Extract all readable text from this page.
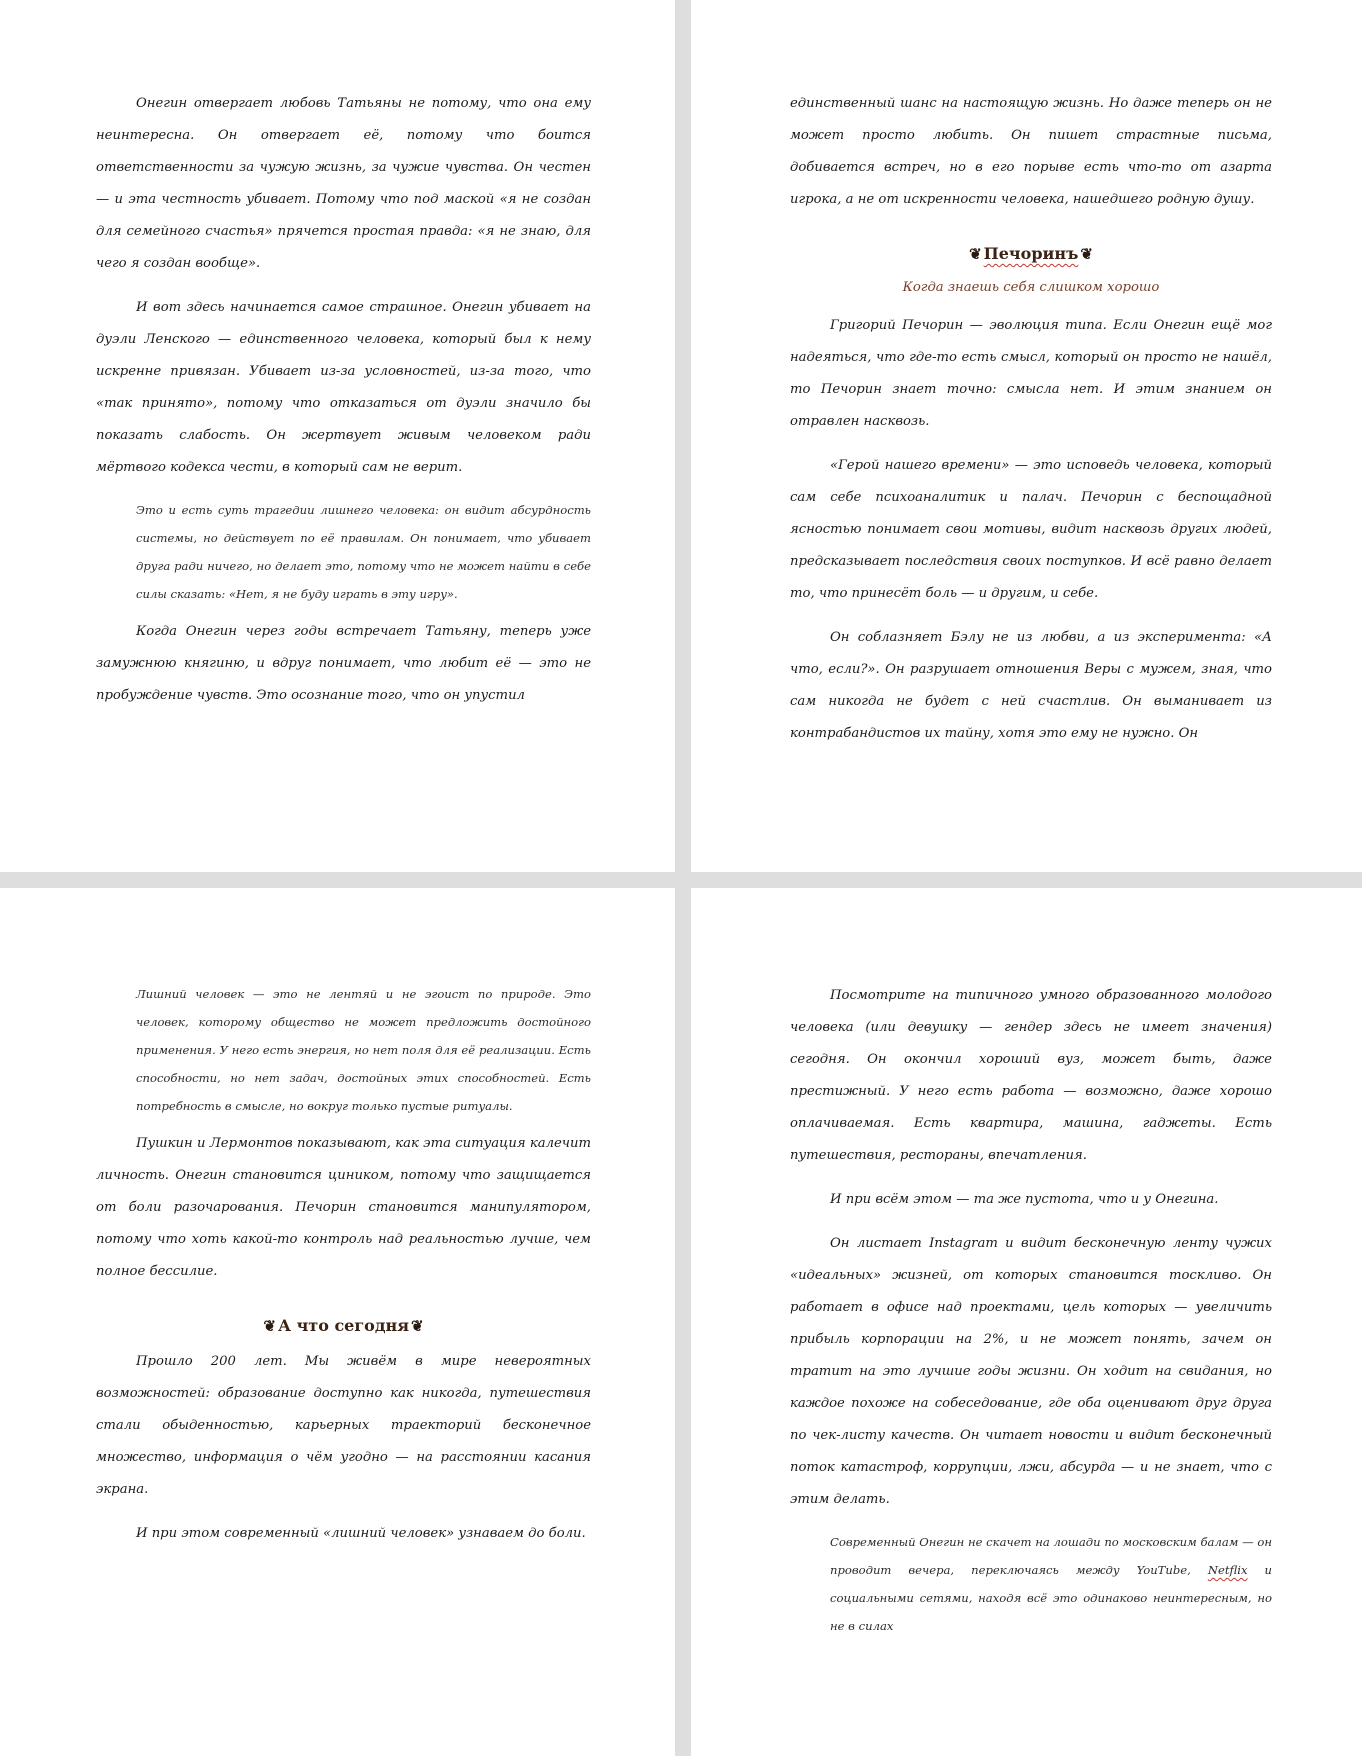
Онегин отвергает любовь Татьяны не потому, что она ему неинтересна. Он отвергает её, потому что боится ответственности за чужую жизнь, за чужие чувства. Он честен — и эта честность убивает. Потому что под маской «я не создан для семейного счастья» прячется простая правда: «я не знаю, для чего я создан вообще».

И вот здесь начинается самое страшное. Онегин убивает на дуэли Ленского — единственного человека, который был к нему искренне привязан. Убивает из-за условностей, из-за того, что «так принято», потому что отказаться от дуэли значило бы показать слабость. Он жертвует живым человеком ради мёртвого кодекса чести, в который сам не верит.

Это и есть суть трагедии лишнего человека: он видит абсурдность системы, но действует по её правилам. Он понимает, что убивает друга ради ничего, но делает это, потому что не может найти в себе силы сказать: «Нет, я не буду играть в эту игру».

Когда Онегин через годы встречает Татьяну, теперь уже замужнюю княгиню, и вдруг понимает, что любит её — это не пробуждение чувств. Это осознание того, что он упустил

единственный шанс на настоящую жизнь. Но даже теперь он не может просто любить. Он пишет страстные письма, добивается встреч, но в его порыве есть что-то от азарта игрока, а не от искренности человека, нашедшего родную душу.

❦ Печоринъ ❦
Когда знаешь себя слишком хорошо

Григорий Печорин — эволюция типа. Если Онегин ещё мог надеяться, что где-то есть смысл, который он просто не нашёл, то Печорин знает точно: смысла нет. И этим знанием он отравлен насквозь.

«Герой нашего времени» — это исповедь человека, который сам себе психоаналитик и палач. Печорин с беспощадной ясностью понимает свои мотивы, видит насквозь других людей, предсказывает последствия своих поступков. И всё равно делает то, что принесёт боль — и другим, и себе.

Он соблазняет Бэлу не из любви, а из эксперимента: «А что, если?». Он разрушает отношения Веры с мужем, зная, что сам никогда не будет с ней счастлив. Он выманивает из контрабандистов их тайну, хотя это ему не нужно. Он

Лишний человек — это не лентяй и не эгоист по природе. Это человек, которому общество не может предложить достойного применения. У него есть энергия, но нет поля для её реализации. Есть способности, но нет задач, достойных этих способностей. Есть потребность в смысле, но вокруг только пустые ритуалы.

Пушкин и Лермонтов показывают, как эта ситуация калечит личность. Онегин становится циником, потому что защищается от боли разочарования. Печорин становится манипулятором, потому что хоть какой-то контроль над реальностью лучше, чем полное бессилие.

❦ А что сегодня ❦

Прошло 200 лет. Мы живём в мире невероятных возможностей: образование доступно как никогда, путешествия стали обыденностью, карьерных траекторий бесконечное множество, информация о чём угодно — на расстоянии касания экрана.

И при этом современный «лишний человек» узнаваем до боли.

Посмотрите на типичного умного образованного молодого человека (или девушку — гендер здесь не имеет значения) сегодня. Он окончил хороший вуз, может быть, даже престижный. У него есть работа — возможно, даже хорошо оплачиваемая. Есть квартира, машина, гаджеты. Есть путешествия, рестораны, впечатления.

И при всём этом — та же пустота, что и у Онегина.

Он листает Instagram и видит бесконечную ленту чужих «идеальных» жизней, от которых становится тоскливо. Он работает в офисе над проектами, цель которых — увеличить прибыль корпорации на 2%, и не может понять, зачем он тратит на это лучшие годы жизни. Он ходит на свидания, но каждое похоже на собеседование, где оба оценивают друг друга по чек-листу качеств. Он читает новости и видит бесконечный поток катастроф, коррупции, лжи, абсурда — и не знает, что с этим делать.

Современный Онегин не скачет на лошади по московским балам — он проводит вечера, переключаясь между YouTube, Netflix и социальными сетями, находя всё это одинаково неинтересным, но не в силах
